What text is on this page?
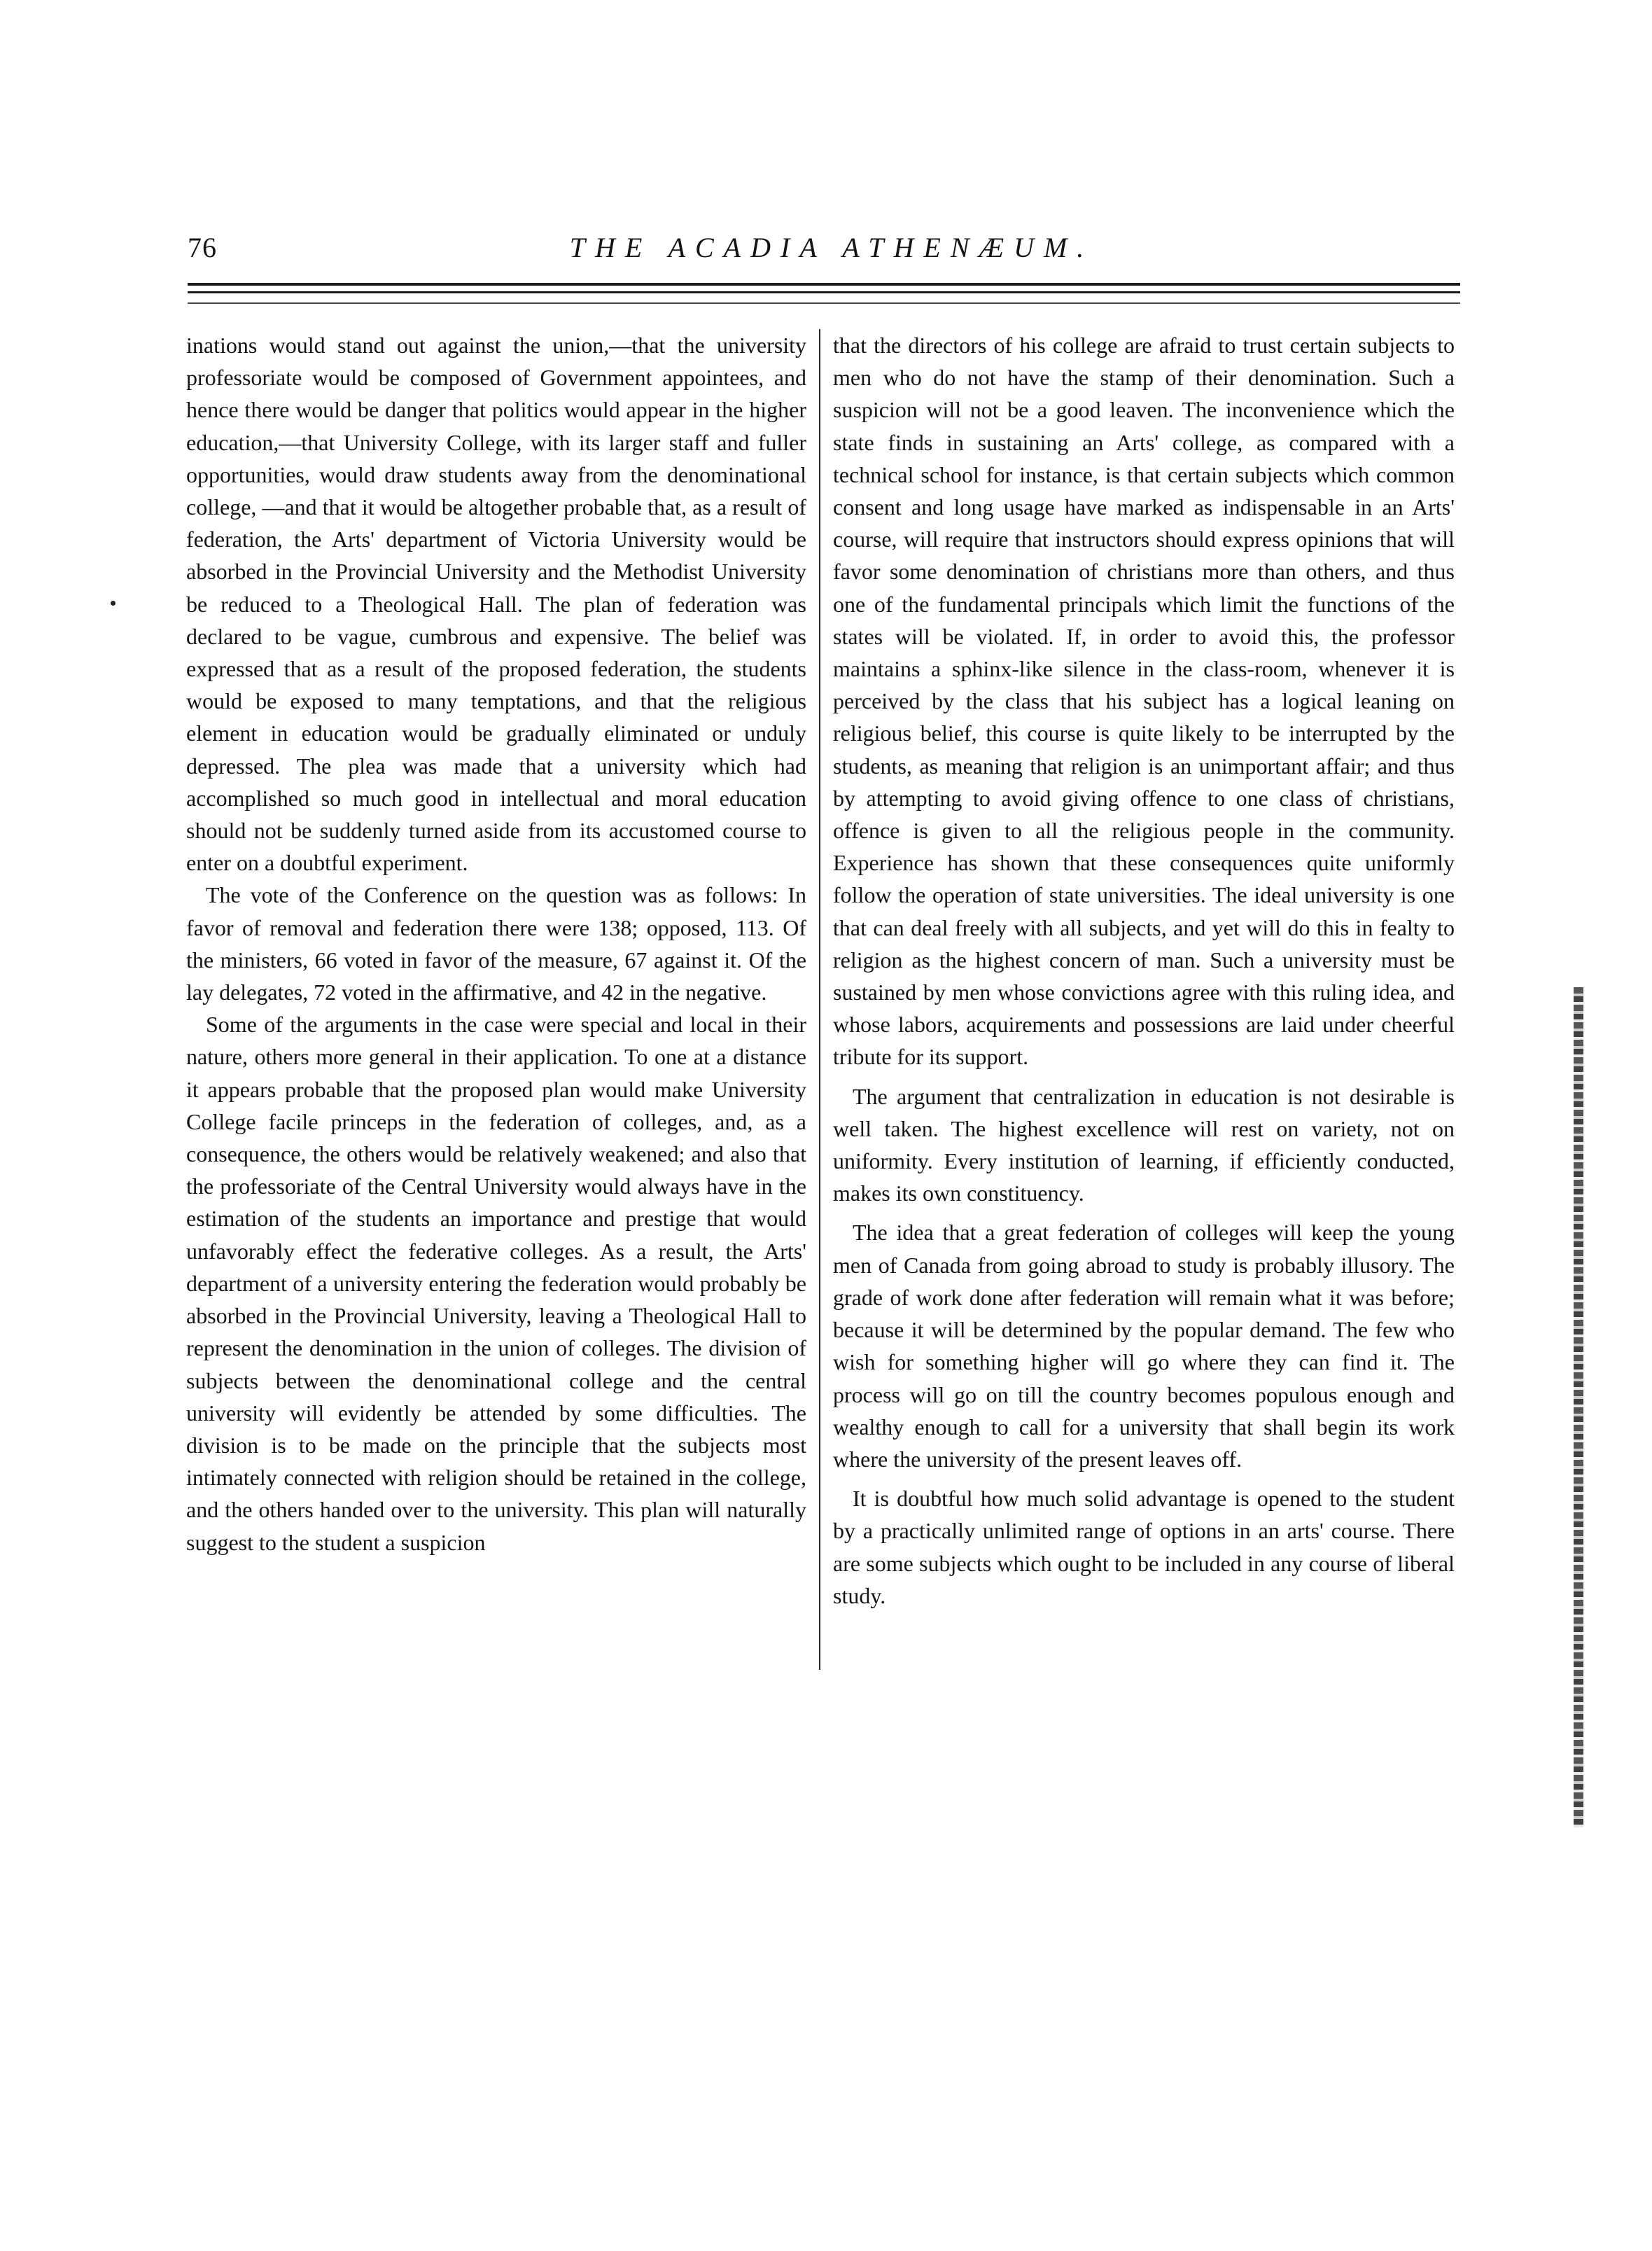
76	THE ACADIA ATHENÆUM.

inations would stand out against the union,—that the university professoriate would be composed of Government appointees, and hence there would be danger that politics would appear in the higher education,—that University College, with its larger staff and fuller opportunities, would draw students away from the denominational college, —and that it would be altogether probable that, as a result of federation, the Arts' department of Victoria University would be absorbed in the Provincial University and the Methodist University be reduced to a Theological Hall. The plan of federation was declared to be vague, cumbrous and expensive. The belief was expressed that as a result of the proposed federation, the students would be exposed to many temptations, and that the religious element in education would be gradually eliminated or unduly depressed. The plea was made that a university which had accomplished so much good in intellectual and moral education should not be suddenly turned aside from its accustomed course to enter on a doubtful experiment.

The vote of the Conference on the question was as follows: In favor of removal and federation there were 138; opposed, 113. Of the ministers, 66 voted in favor of the measure, 67 against it. Of the lay delegates, 72 voted in the affirmative, and 42 in the negative.

Some of the arguments in the case were special and local in their nature, others more general in their application. To one at a distance it appears probable that the proposed plan would make University College facile princeps in the federation of colleges, and, as a consequence, the others would be relatively weakened; and also that the professoriate of the Central University would always have in the estimation of the students an importance and prestige that would unfavorably effect the federative colleges. As a result, the Arts' department of a university entering the federation would probably be absorbed in the Provincial University, leaving a Theological Hall to represent the denomination in the union of colleges. The division of subjects between the denominational college and the central university will evidently be attended by some difficulties. The division is to be made on the principle that the subjects most intimately connected with religion should be retained in the college, and the others handed over to the university. This plan will naturally suggest to the student a suspicion

that the directors of his college are afraid to trust certain subjects to men who do not have the stamp of their denomination. Such a suspicion will not be a good leaven. The inconvenience which the state finds in sustaining an Arts' college, as compared with a technical school for instance, is that certain subjects which common consent and long usage have marked as indispensable in an Arts' course, will require that instructors should express opinions that will favor some denomination of christians more than others, and thus one of the fundamental principals which limit the functions of the states will be violated. If, in order to avoid this, the professor maintains a sphinx-like silence in the class-room, whenever it is perceived by the class that his subject has a logical leaning on religious belief, this course is quite likely to be interrupted by the students, as meaning that religion is an unimportant affair; and thus by attempting to avoid giving offence to one class of christians, offence is given to all the religious people in the community. Experience has shown that these consequences quite uniformly follow the operation of state universities. The ideal university is one that can deal freely with all subjects, and yet will do this in fealty to religion as the highest concern of man. Such a university must be sustained by men whose convictions agree with this ruling idea, and whose labors, acquirements and possessions are laid under cheerful tribute for its support.

The argument that centralization in education is not desirable is well taken. The highest excellence will rest on variety, not on uniformity. Every institution of learning, if efficiently conducted, makes its own constituency.

The idea that a great federation of colleges will keep the young men of Canada from going abroad to study is probably illusory. The grade of work done after federation will remain what it was before; because it will be determined by the popular demand. The few who wish for something higher will go where they can find it. The process will go on till the country becomes populous enough and wealthy enough to call for a university that shall begin its work where the university of the present leaves off.

It is doubtful how much solid advantage is opened to the student by a practically unlimited range of options in an arts' course. There are some subjects which ought to be included in any course of liberal study.
